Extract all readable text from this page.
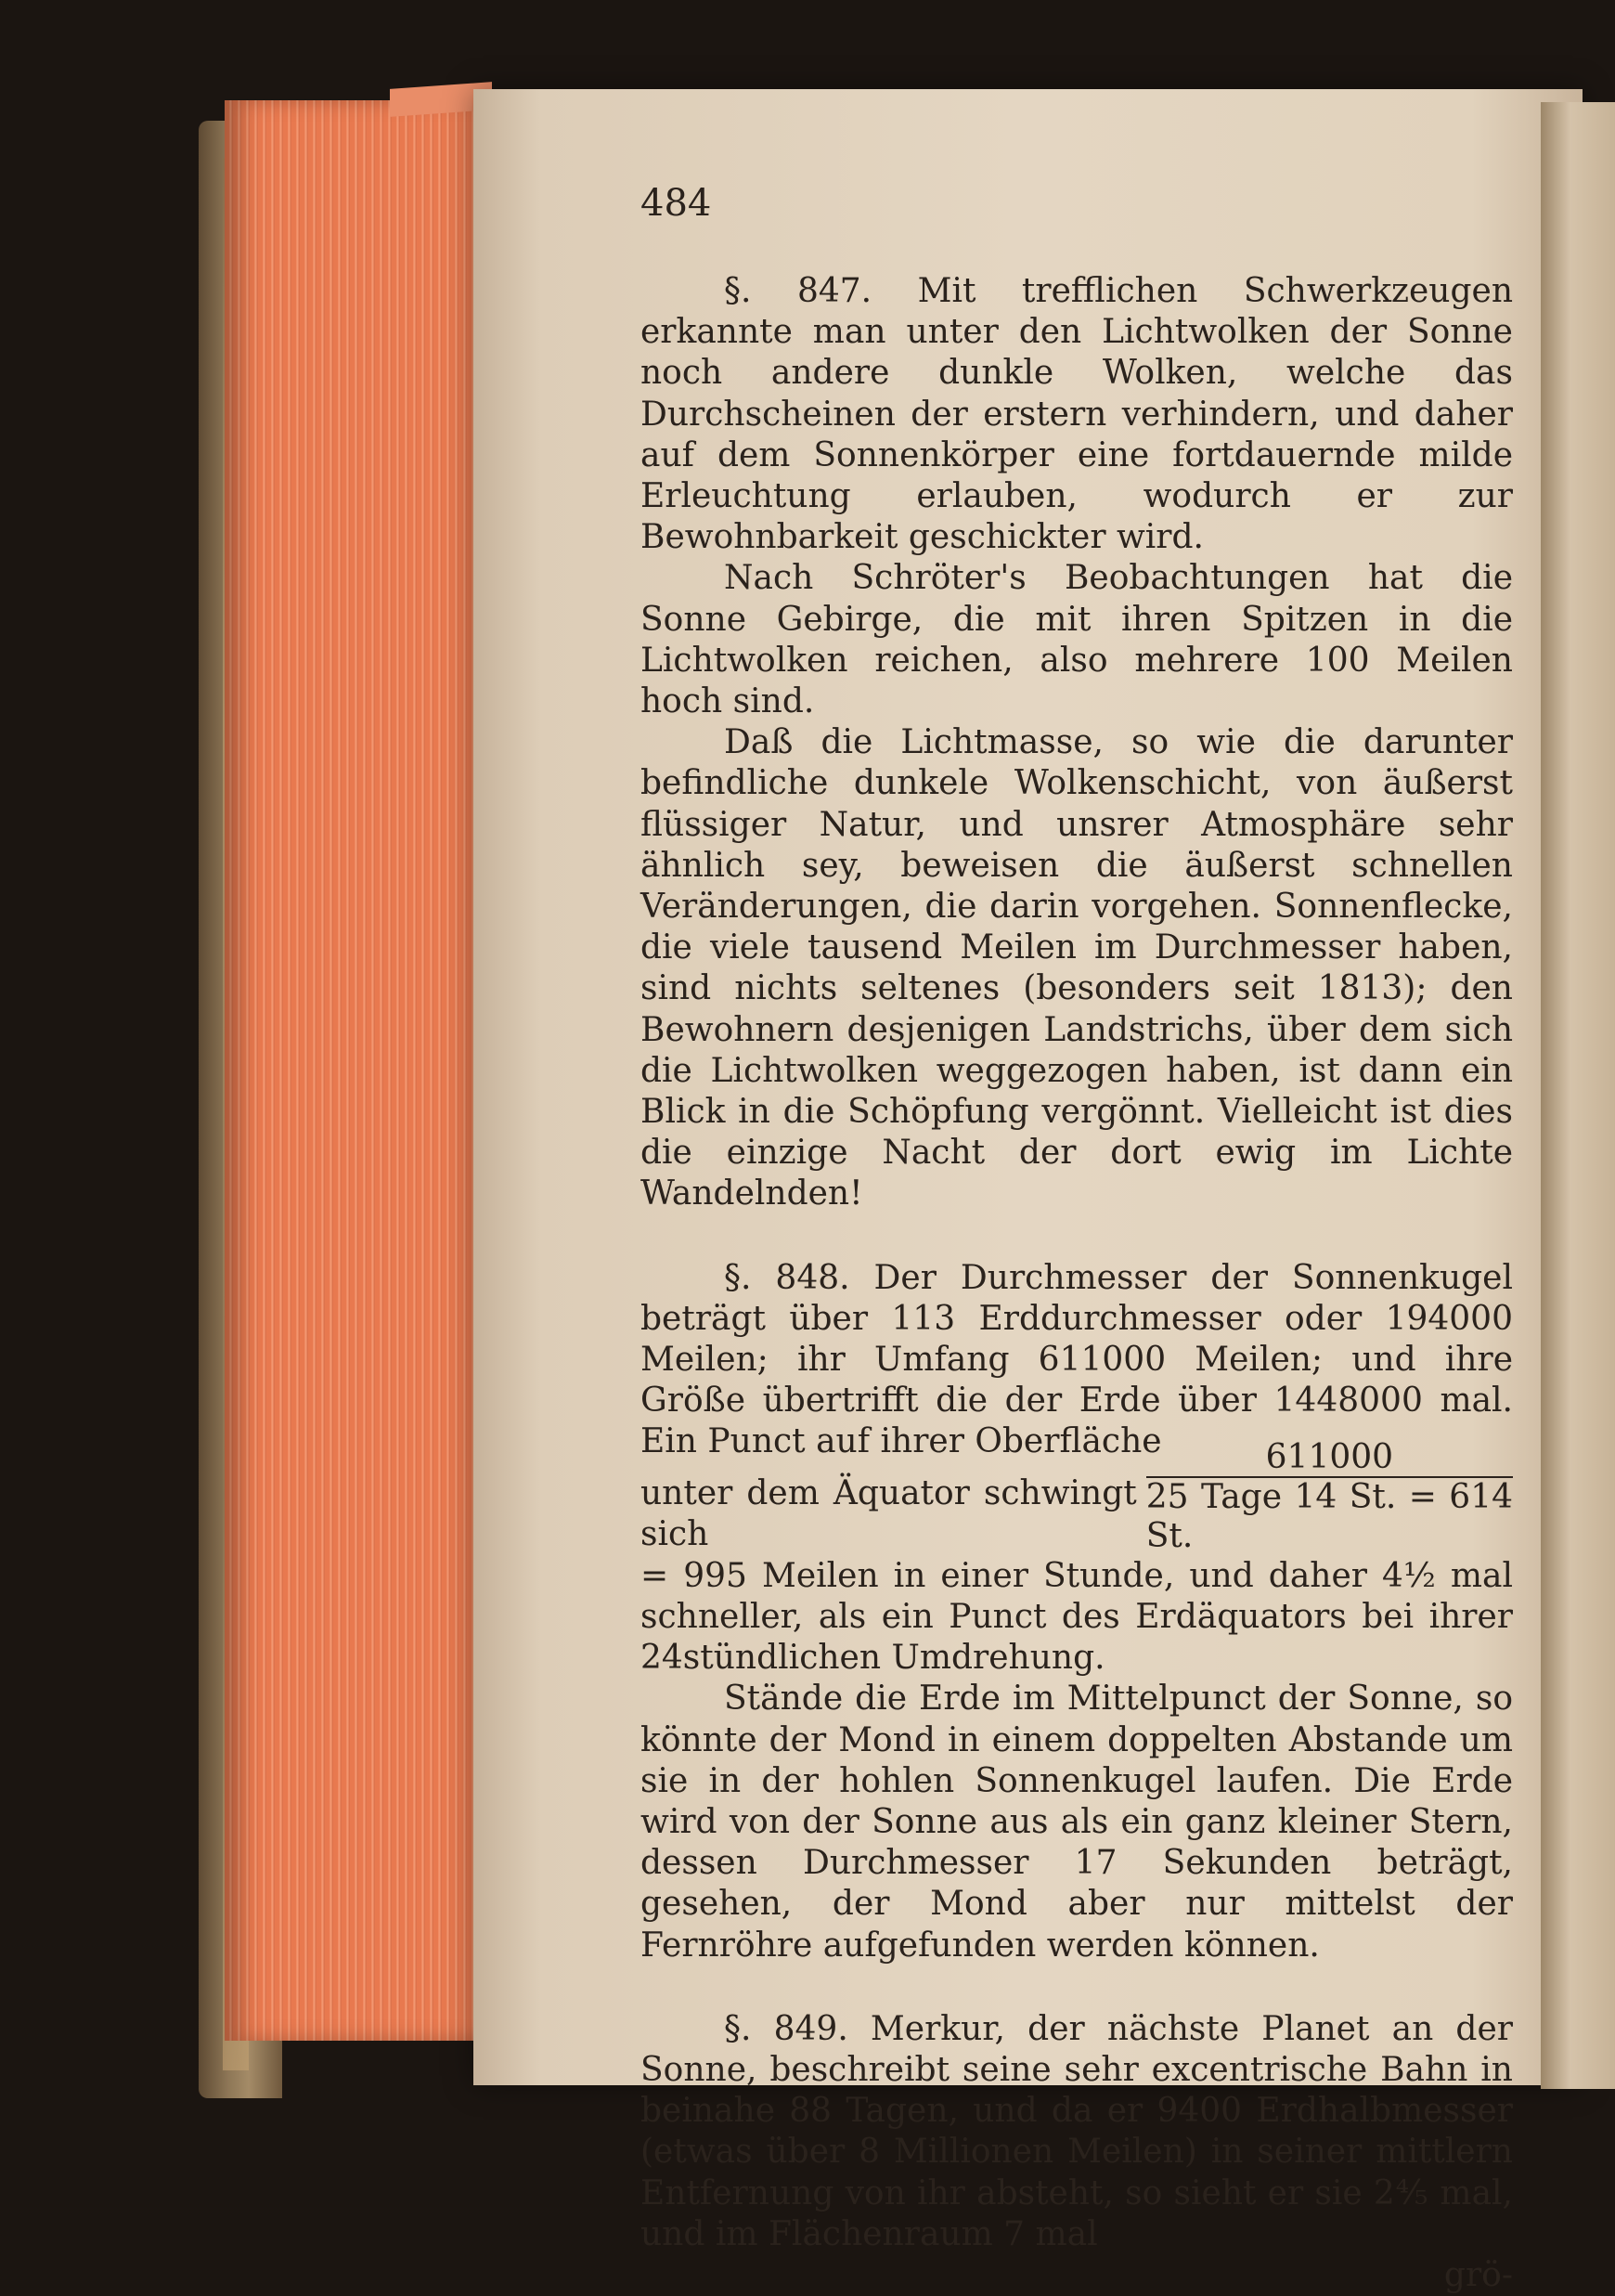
484

§. 847. Mit trefflichen Schwerkzeugen erkannte man unter den Lichtwolken der Sonne noch andere dunkle Wolken, welche das Durchscheinen der erstern verhindern, und daher auf dem Sonnenkörper eine fortdauernde milde Erleuchtung erlauben, wodurch er zur Bewohnbarkeit geschickter wird.

Nach Schröter's Beobachtungen hat die Sonne Gebirge, die mit ihren Spitzen in die Lichtwolken reichen, also mehrere 100 Meilen hoch sind.

Daß die Lichtmasse, so wie die darunter befindliche dunkele Wolkenschicht, von äußerst flüssiger Natur, und unsrer Atmosphäre sehr ähnlich sey, beweisen die äußerst schnellen Veränderungen, die darin vorgehen. Sonnenflecke, die viele tausend Meilen im Durchmesser haben, sind nichts seltenes (besonders seit 1813); den Bewohnern desjenigen Landstrichs, über dem sich die Lichtwolken weggezogen haben, ist dann ein Blick in die Schöpfung vergönnt. Vielleicht ist dies die einzige Nacht der dort ewig im Lichte Wandelnden!

§. 848. Der Durchmesser der Sonnenkugel beträgt über 113 Erddurchmesser oder 194000 Meilen; ihr Umfang 611000 Meilen; und ihre Größe übertrifft die der Erde über 1448000 mal. Ein Punct auf ihrer Oberfläche

unter dem Äquator schwingt sich	$\frac{611000}{\text{25 Tage 14 St. = 614 St.}}$

= 995 Meilen in einer Stunde, und daher 4½ mal schneller, als ein Punct des Erdäquators bei ihrer 24stündlichen Umdrehung.

Stände die Erde im Mittelpunct der Sonne, so könnte der Mond in einem doppelten Abstande um sie in der hohlen Sonnenkugel laufen. Die Erde wird von der Sonne aus als ein ganz kleiner Stern, dessen Durchmesser 17 Sekunden beträgt, gesehen, der Mond aber nur mittelst der Fernröhre aufgefunden werden können.

§. 849. Merkur, der nächste Planet an der Sonne, beschreibt seine sehr excentrische Bahn in beinahe 88 Tagen, und da er 9400 Erdhalbmesser (etwas über 8 Millionen Meilen) in seiner mittlern Entfernung von ihr absteht, so sieht er sie 2⅘ mal, und im Flächenraum 7 mal

grö-
